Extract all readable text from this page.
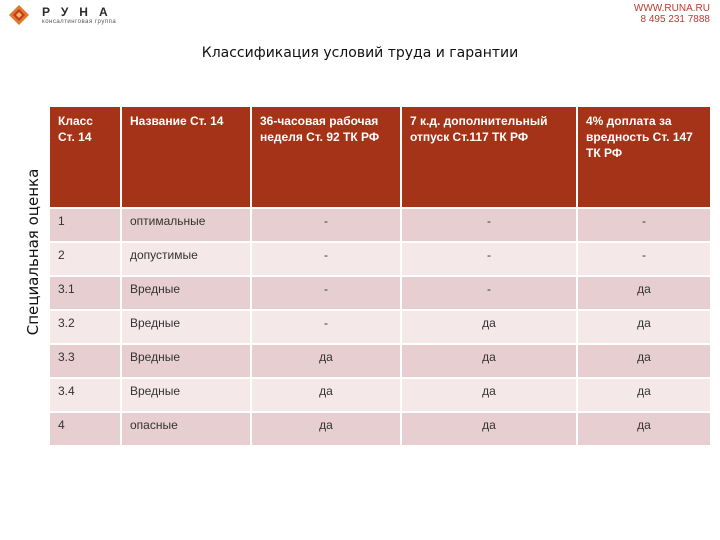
РУНА
консалтинговая группа
WWW.RUNA.RU
8 495 231 7888
Классификация условий труда и гарантии
Специальная оценка
Класс Ст. 14	Название Ст. 14	36-часовая рабочая неделя Ст. 92 ТК РФ	7 к.д. дополнительный отпуск Ст.117 ТК РФ	4% доплата за вредность Ст. 147 ТК РФ
1	оптимальные	-	-	-
2	допустимые	-	-	-
3.1	Вредные	-	-	да
3.2	Вредные	-	да	да
3.3	Вредные	да	да	да
3.4	Вредные	да	да	да
4	опасные	да	да	да
